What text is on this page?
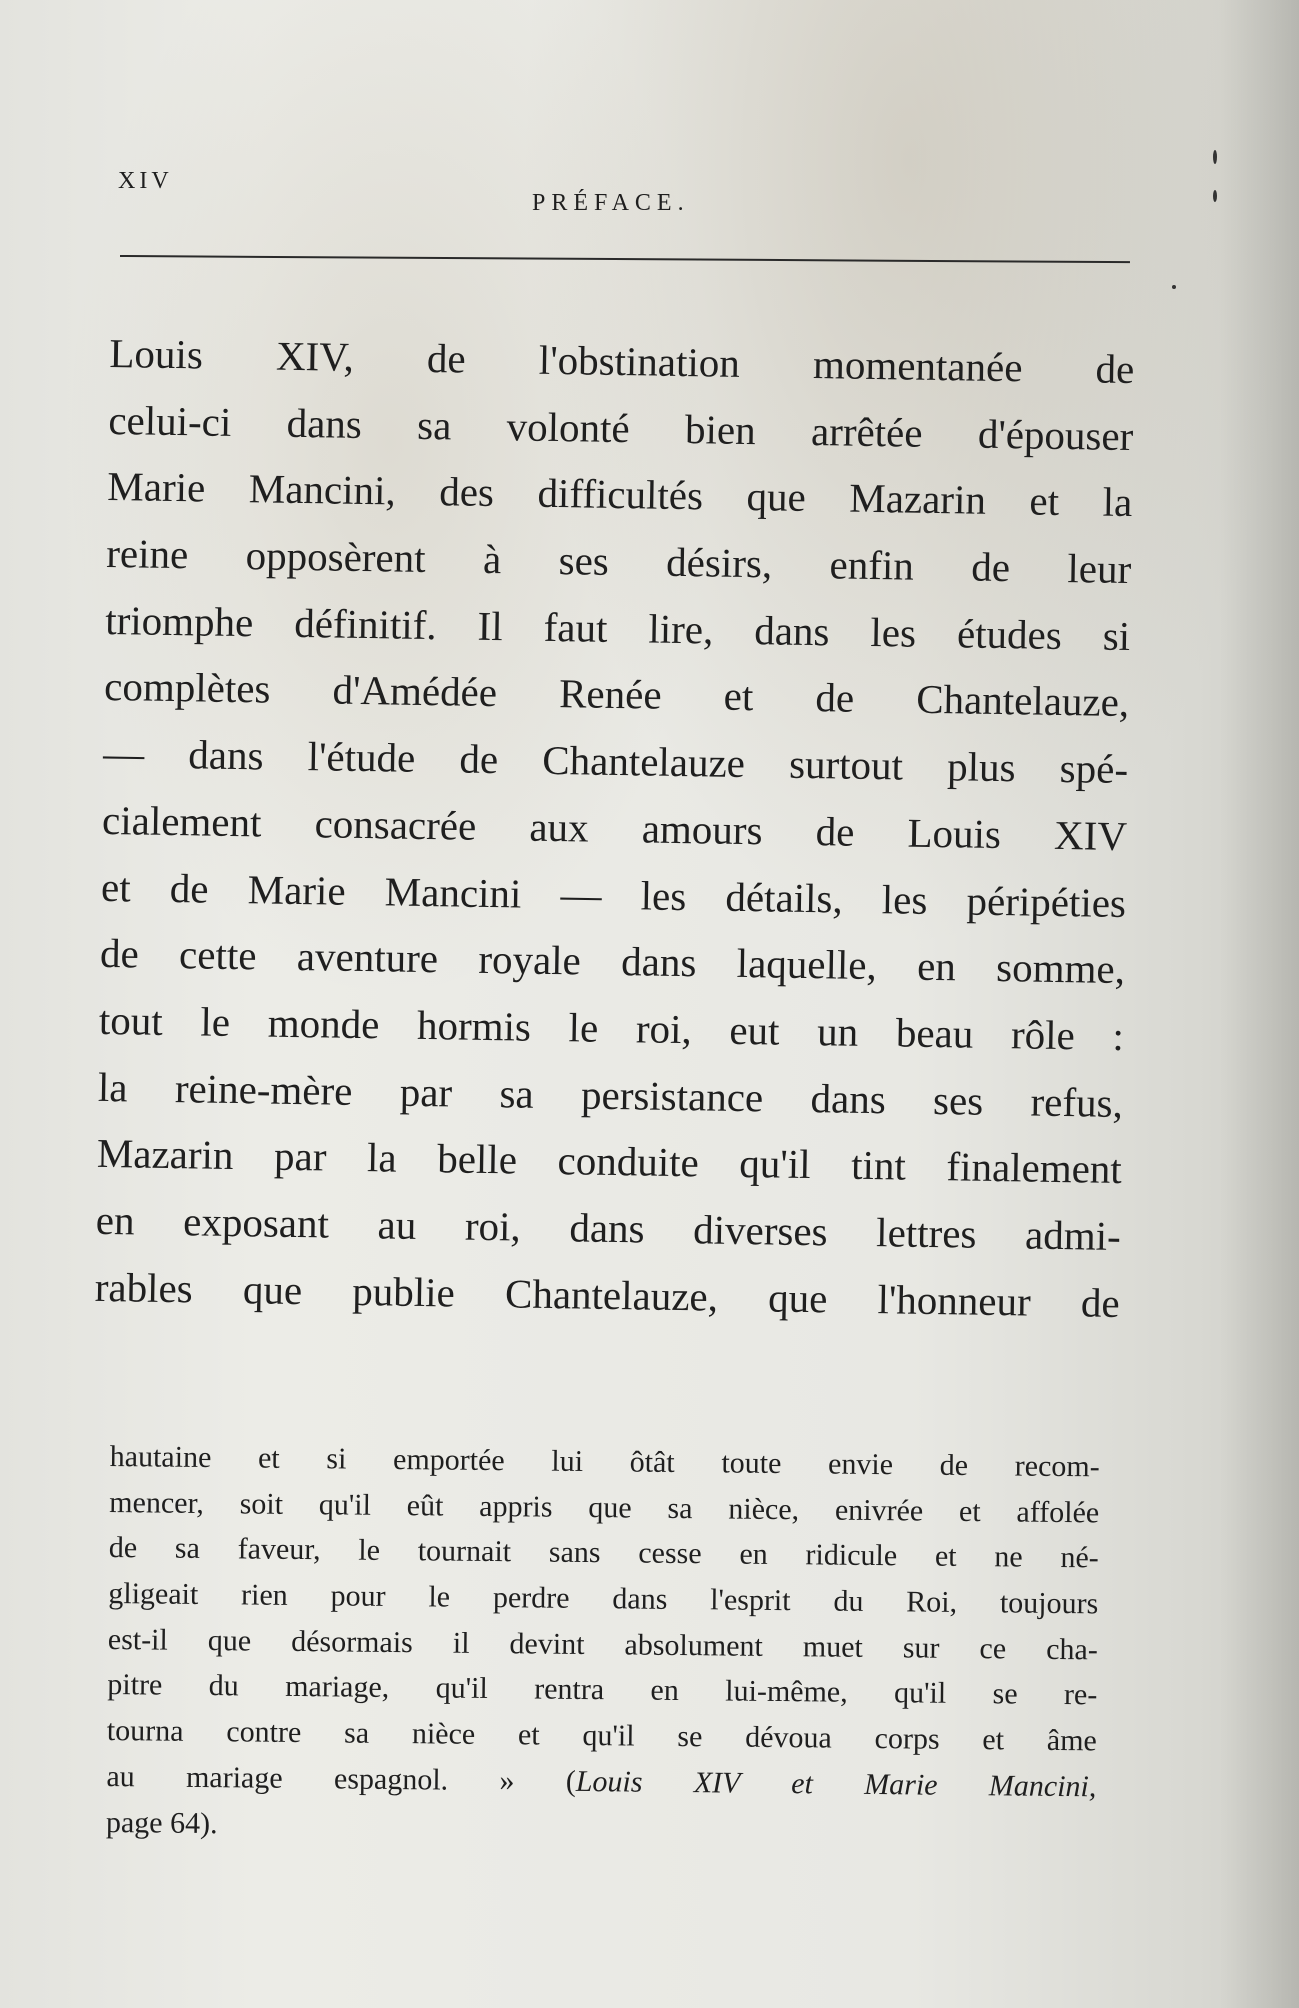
XIV
PRÉFACE.
Louis XIV, de l'obstination momentanée de
celui-ci dans sa volonté bien arrêtée d'épouser
Marie Mancini, des difficultés que Mazarin et la
reine opposèrent à ses désirs, enfin de leur
triomphe définitif. Il faut lire, dans les études si
complètes d'Amédée Renée et de Chantelauze,
— dans l'étude de Chantelauze surtout plus spé-
cialement consacrée aux amours de Louis XIV
et de Marie Mancini — les détails, les péripéties
de cette aventure royale dans laquelle, en somme,
tout le monde hormis le roi, eut un beau rôle :
la reine-mère par sa persistance dans ses refus,
Mazarin par la belle conduite qu'il tint finalement
en exposant au roi, dans diverses lettres admi-
rables que publie Chantelauze, que l'honneur de
hautaine et si emportée lui ôtât toute envie de recom-
mencer, soit qu'il eût appris que sa nièce, enivrée et affolée
de sa faveur, le tournait sans cesse en ridicule et ne né-
gligeait rien pour le perdre dans l'esprit du Roi, toujours
est-il que désormais il devint absolument muet sur ce cha-
pitre du mariage, qu'il rentra en lui-même, qu'il se re-
tourna contre sa nièce et qu'il se dévoua corps et âme
au mariage espagnol. » (Louis XIV et Marie Mancini,
page 64).
